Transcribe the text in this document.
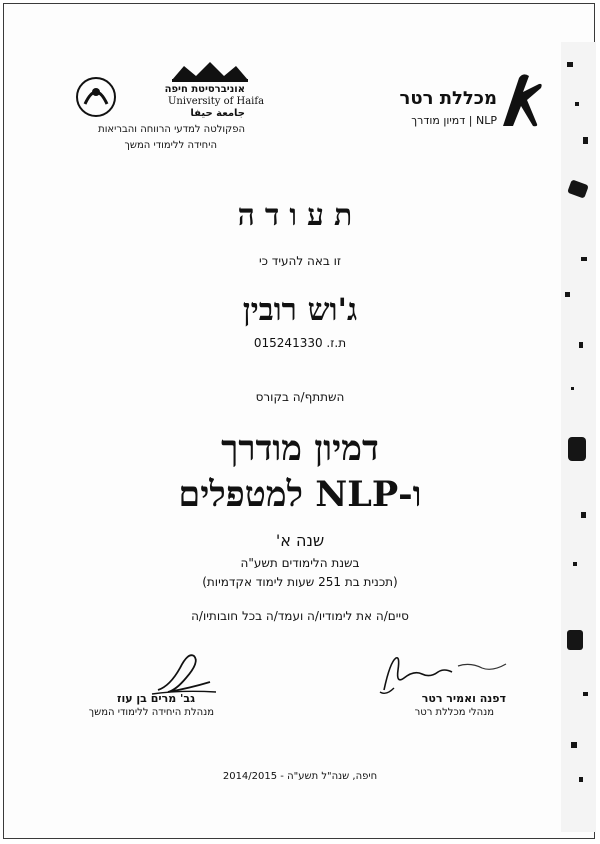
מכללת רטר
NLP | דמיון מודרך
אוניברסיטת חיפה
University of Haifa
جامعة حيفا
הפקולטה למדעי הרווחה והבריאות
היחידה ללימודי המשך
תעודה
זו באה להעיד כי
ג'וש רובין
ת.ז. 015241330
השתתף/ה בקורס
דמיון מודרך
ו-NLP למטפלים
שנה א'
בשנת הלימודים תשע"ה
(תכנית בת 251 שעות לימוד אקדמיות)
סיים/ה את לימודיו/ה ועמד/ה בכל חובותיו/ה
גב' מרים בן עוז
מנהלת היחידה ללימודי המשך
דפנה ואמיר רטר
מנהלי מכללת רטר
חיפה, שנה"ל תשע"ה - 2014/2015
